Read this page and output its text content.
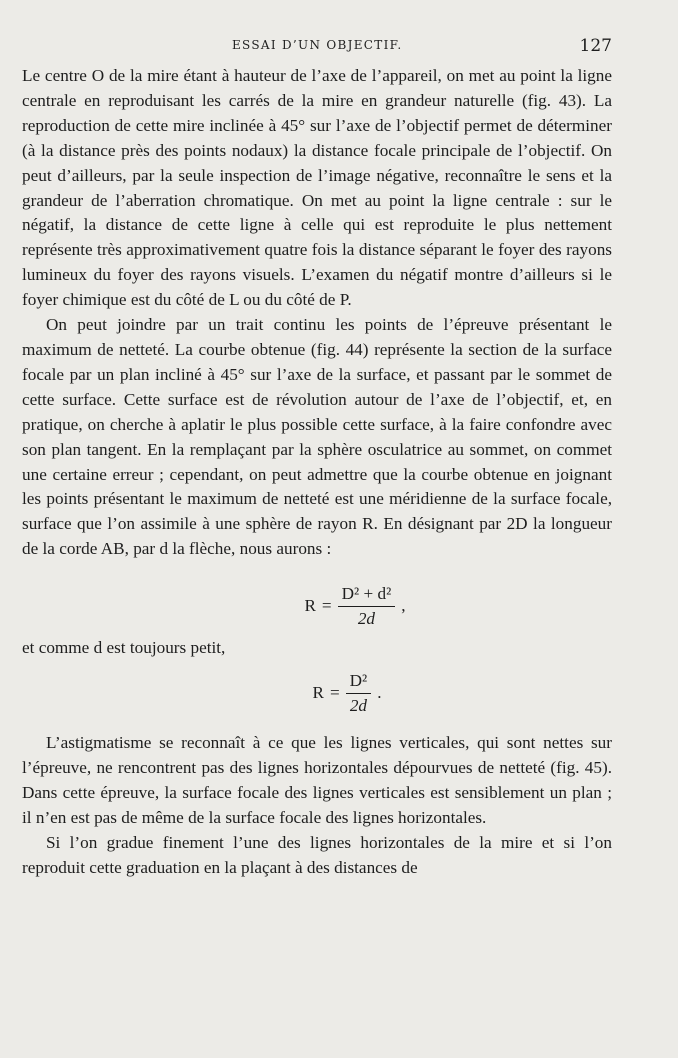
ESSAI D’UN OBJECTIF.	127

Le centre O de la mire étant à hauteur de l’axe de l’appareil, on met au point la ligne centrale en reproduisant les carrés de la mire en grandeur naturelle (fig. 43). La reproduction de cette mire inclinée à 45° sur l’axe de l’objectif permet de déterminer (à la distance près des points nodaux) la distance focale principale de l’objectif. On peut d’ailleurs, par la seule inspection de l’image négative, reconnaître le sens et la grandeur de l’aberration chromatique. On met au point la ligne centrale : sur le négatif, la distance de cette ligne à celle qui est reproduite le plus nettement représente très approximativement quatre fois la distance séparant le foyer des rayons lumineux du foyer des rayons visuels. L’examen du négatif montre d’ailleurs si le foyer chimique est du côté de L ou du côté de P.

On peut joindre par un trait continu les points de l’épreuve présentant le maximum de netteté. La courbe obtenue (fig. 44) représente la section de la surface focale par un plan incliné à 45° sur l’axe de la surface, et passant par le sommet de cette surface. Cette surface est de révolution autour de l’axe de l’objectif, et, en pratique, on cherche à aplatir le plus possible cette surface, à la faire confondre avec son plan tangent. En la remplaçant par la sphère osculatrice au sommet, on commet une certaine erreur ; cependant, on peut admettre que la courbe obtenue en joignant les points présentant le maximum de netteté est une méridienne de la surface focale, surface que l’on assimile à une sphère de rayon R. En désignant par 2D la longueur de la corde AB, par d la flèche, nous aurons :

$R = \frac{\text{D² + d²}}{2d}$ ,

et comme d est toujours petit,

$R = \frac{\text{D²}}{2d}$ .

L’astigmatisme se reconnaît à ce que les lignes verticales, qui sont nettes sur l’épreuve, ne rencontrent pas des lignes horizontales dépourvues de netteté (fig. 45). Dans cette épreuve, la surface focale des lignes verticales est sensiblement un plan ; il n’en est pas de même de la surface focale des lignes horizontales.

Si l’on gradue finement l’une des lignes horizontales de la mire et si l’on reproduit cette graduation en la plaçant à des distances de
